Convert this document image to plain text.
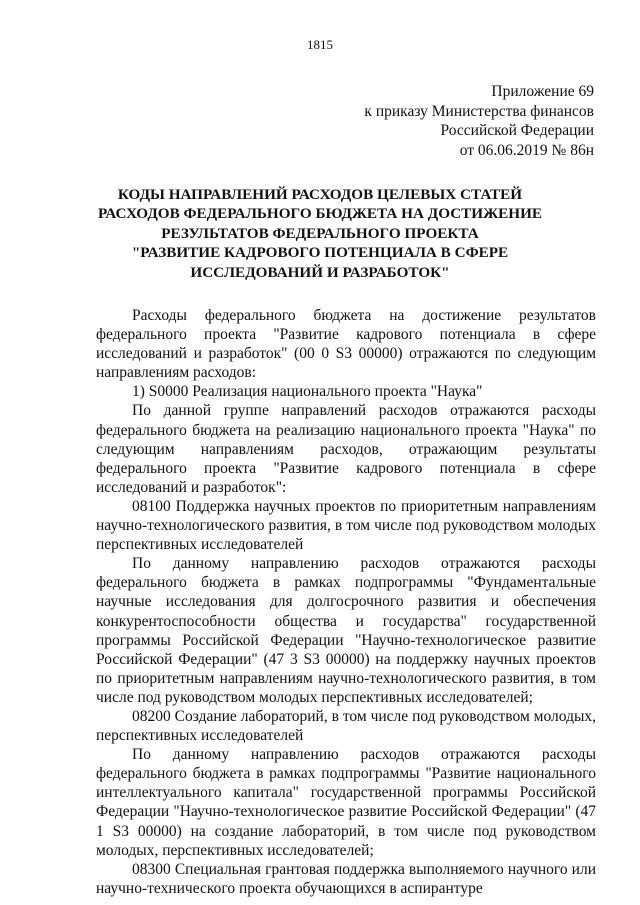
1815
Приложение 69
к приказу Министерства финансов
Российской Федерации
от 06.06.2019 № 86н
КОДЫ НАПРАВЛЕНИЙ РАСХОДОВ ЦЕЛЕВЫХ СТАТЕЙ
РАСХОДОВ ФЕДЕРАЛЬНОГО БЮДЖЕТА НА ДОСТИЖЕНИЕ
РЕЗУЛЬТАТОВ ФЕДЕРАЛЬНОГО ПРОЕКТА
"РАЗВИТИЕ КАДРОВОГО ПОТЕНЦИАЛА В СФЕРЕ
ИССЛЕДОВАНИЙ И РАЗРАБОТОК"

Расходы федерального бюджета на достижение результатов федерального проекта "Развитие кадрового потенциала в сфере исследований и разработок" (00 0 S3 00000) отражаются по следующим направлениям расходов:

1) S0000 Реализация национального проекта "Наука"

По данной группе направлений расходов отражаются расходы федерального бюджета на реализацию национального проекта "Наука" по следующим направлениям расходов, отражающим результаты федерального проекта "Развитие кадрового потенциала в сфере исследований и разработок":

08100 Поддержка научных проектов по приоритетным направлениям научно-технологического развития, в том числе под руководством молодых перспективных исследователей

По данному направлению расходов отражаются расходы федерального бюджета в рамках подпрограммы "Фундаментальные научные исследования для долгосрочного развития и обеспечения конкурентоспособности общества и государства" государственной программы Российской Федерации "Научно-технологическое развитие Российской Федерации" (47 3 S3 00000) на поддержку научных проектов по приоритетным направлениям научно-технологического развития, в том числе под руководством молодых перспективных исследователей;

08200 Создание лабораторий, в том числе под руководством молодых, перспективных исследователей

По данному направлению расходов отражаются расходы федерального бюджета в рамках подпрограммы "Развитие национального интеллектуального капитала" государственной программы Российской Федерации "Научно-технологическое развитие Российской Федерации" (47 1 S3 00000) на создание лабораторий, в том числе под руководством молодых, перспективных исследователей;

08300 Специальная грантовая поддержка выполняемого научного или научно-технического проекта обучающихся в аспирантуре
